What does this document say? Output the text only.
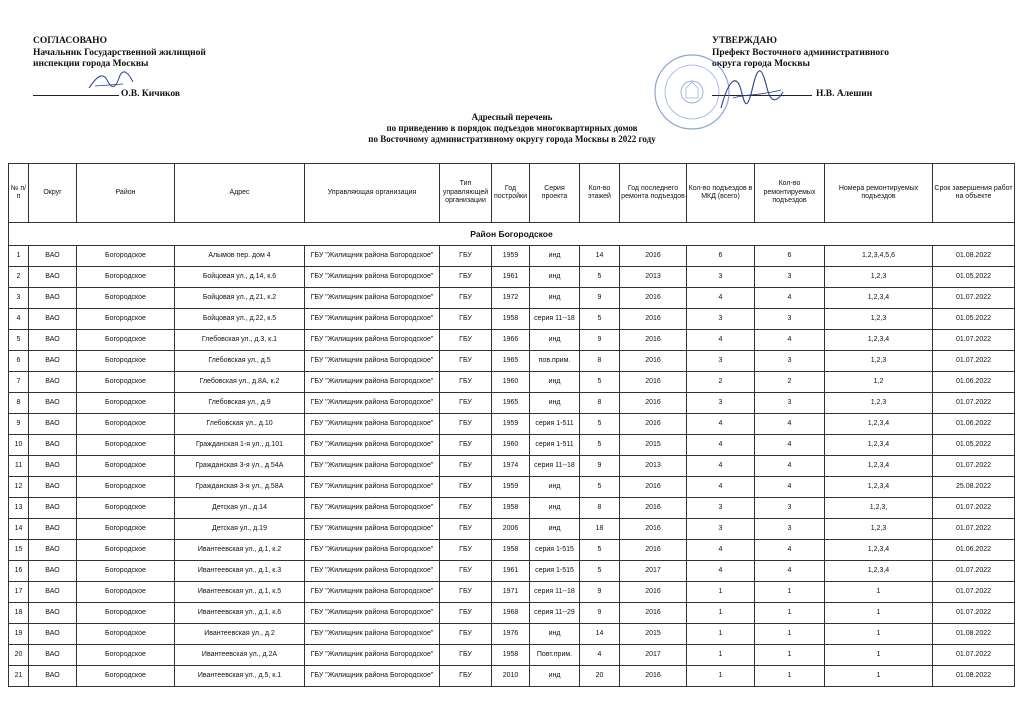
СОГЛАСОВАНО
Начальник Государственной жилищной
инспекции города Москвы
О.В. Кичиков
УТВЕРЖДАЮ
Префект Восточного административного
округа города Москвы
Н.В. Алешин
Адресный перечень
по приведению в порядок подъездов многоквартирных домов
по Восточному административному округу города Москвы в 2022 году
№ п/п	Округ	Район	Адрес	Управляющая организация	Тип управляющей организации	Год постройки	Серия проекта	Кол-во этажей	Год последнего ремонта подъездов	Кол-во подъездов в МКД (всего)	Кол-во ремонтируемых подъездов	Номера ремонтируемых подъездов	Срок завершения работ на объекте
Район Богородское													
1	ВАО	Богородское	Алымов пер. дом 4	ГБУ "Жилищник района Богородское"	ГБУ	1959	инд	14	2016	6	6	1,2,3,4,5,6	01.08.2022
2	ВАО	Богородское	Бойцовая ул., д.14, к.6	ГБУ "Жилищник района Богородское"	ГБУ	1961	инд	5	2013	3	3	1,2,3	01.05.2022
3	ВАО	Богородское	Бойцовая ул., д.21, к.2	ГБУ "Жилищник района Богородское"	ГБУ	1972	инд	9	2016	4	4	1,2,3,4	01.07.2022
4	ВАО	Богородское	Бойцовая ул., д.22, к.5	ГБУ "Жилищник района Богородское"	ГБУ	1958	серия 11--18	5	2016	3	3	1,2,3	01.05.2022
5	ВАО	Богородское	Глебовская ул., д.3, к.1	ГБУ "Жилищник района Богородское"	ГБУ	1966	инд	9	2016	4	4	1,2,3,4	01.07.2022
6	ВАО	Богородское	Глебовская ул., д.5	ГБУ "Жилищник района Богородское"	ГБУ	1965	пов.прим.	8	2016	3	3	1,2,3	01.07.2022
7	ВАО	Богородское	Глебовская ул., д.8А, к.2	ГБУ "Жилищник района Богородское"	ГБУ	1960	инд	5	2016	2	2	1,2	01.06.2022
8	ВАО	Богородское	Глебовская ул., д.9	ГБУ "Жилищник района Богородское"	ГБУ	1965	инд	8	2016	3	3	1,2,3	01.07.2022
9	ВАО	Богородское	Глебовская ул., д.10	ГБУ "Жилищник района Богородское"	ГБУ	1959	серия 1-511	5	2016	4	4	1,2,3,4	01.06.2022
10	ВАО	Богородское	Гражданская 1-я ул., д.101	ГБУ "Жилищник района Богородское"	ГБУ	1960	серия 1-511	5	2015	4	4	1,2,3,4	01.05.2022
11	ВАО	Богородское	Гражданская 3-я ул., д.54А	ГБУ "Жилищник района Богородское"	ГБУ	1974	серия 11--18	9	2013	4	4	1,2,3,4	01.07.2022
12	ВАО	Богородское	Гражданская 3-я ул., д.58А	ГБУ "Жилищник района Богородское"	ГБУ	1959	инд	5	2016	4	4	1,2,3,4	25.08.2022
13	ВАО	Богородское	Детская ул., д.14	ГБУ "Жилищник района Богородское"	ГБУ	1958	инд	8	2016	3	3	1,2,3,	01.07.2022
14	ВАО	Богородское	Детская ул., д.19	ГБУ "Жилищник района Богородское"	ГБУ	2006	инд	18	2016	3	3	1,2,3	01.07.2022
15	ВАО	Богородское	Ивантеевская ул., д.1, к.2	ГБУ "Жилищник района Богородское"	ГБУ	1958	серия 1-515	5	2016	4	4	1,2,3,4	01.06.2022
16	ВАО	Богородское	Ивантеевская ул., д.1, к.3	ГБУ "Жилищник района Богородское"	ГБУ	1961	серия 1-515	5	2017	4	4	1,2,3,4	01.07.2022
17	ВАО	Богородское	Ивантеевская ул., д.1, к.5	ГБУ "Жилищник района Богородское"	ГБУ	1971	серия 11--18	9	2016	1	1	1	01.07.2022
18	ВАО	Богородское	Ивантеевская ул., д.1, к.6	ГБУ "Жилищник района Богородское"	ГБУ	1968	серия 11--29	9	2016	1	1	1	01.07.2022
19	ВАО	Богородское	Ивантеевская ул., д.2	ГБУ "Жилищник района Богородское"	ГБУ	1976	инд	14	2015	1	1	1	01.08.2022
20	ВАО	Богородское	Ивантеевская ул., д.2А	ГБУ "Жилищник района Богородское"	ГБУ	1958	Повт.прим.	4	2017	1	1	1	01.07.2022
21	ВАО	Богородское	Ивантеевская ул., д.5, к.1	ГБУ "Жилищник района Богородское"	ГБУ	2010	инд	20	2016	1	1	1	01.08.2022
